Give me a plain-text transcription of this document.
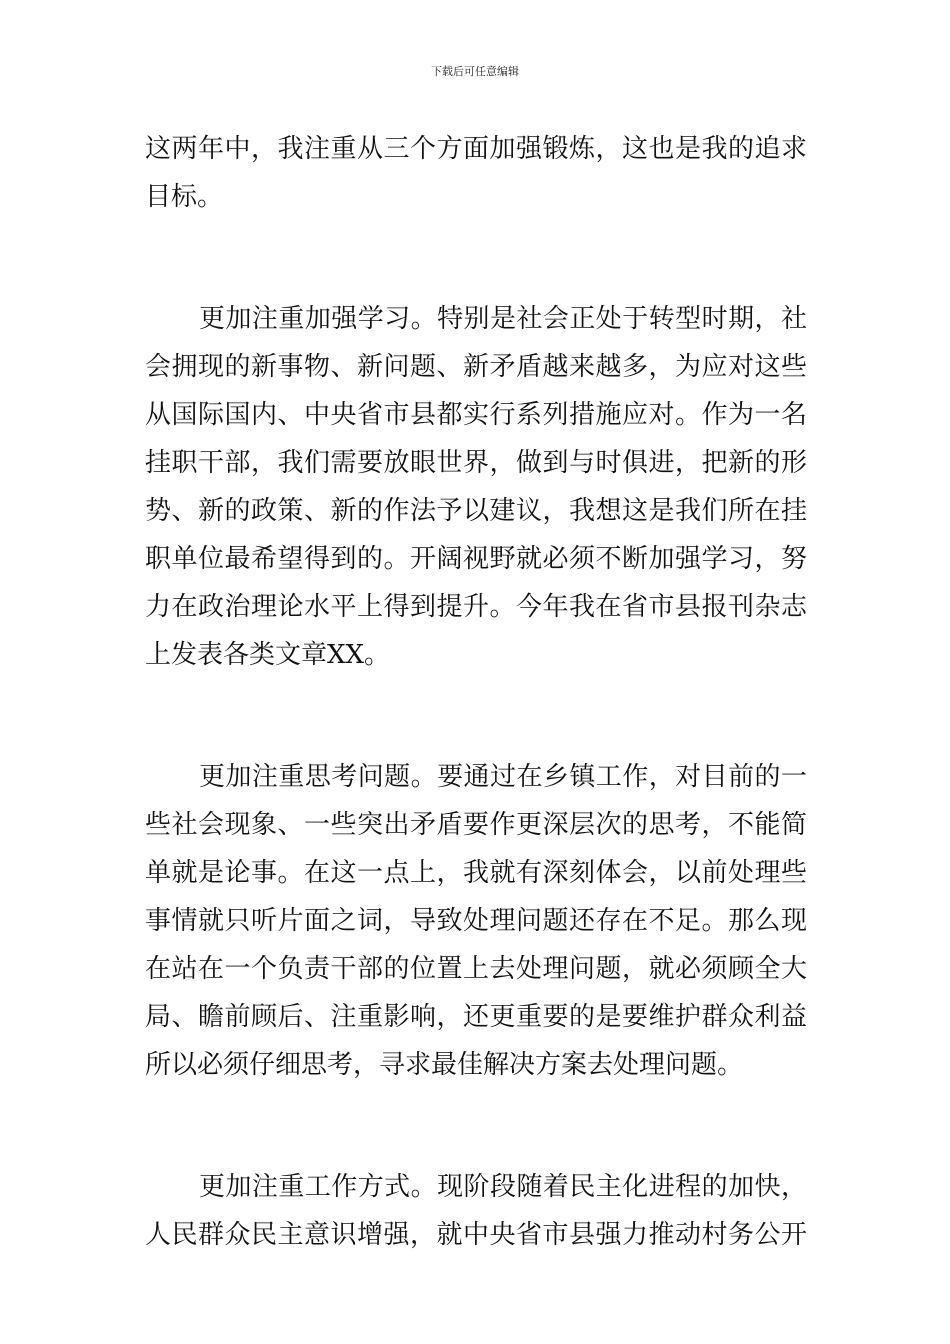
下载后可任意编辑
这两年中，我注重从三个方面加强锻炼，这也是我的追求
目标。
更加注重加强学习。特别是社会正处于转型时期，社
会拥现的新事物、新问题、新矛盾越来越多，为应对这些
从国际国内、中央省市县都实行系列措施应对。作为一名
挂职干部，我们需要放眼世界，做到与时俱进，把新的形
势、新的政策、新的作法予以建议，我想这是我们所在挂
职单位最希望得到的。开阔视野就必须不断加强学习，努
力在政治理论水平上得到提升。今年我在省市县报刊杂志
上发表各类文章XX。
更加注重思考问题。要通过在乡镇工作，对目前的一
些社会现象、一些突出矛盾要作更深层次的思考，不能简
单就是论事。在这一点上，我就有深刻体会，以前处理些
事情就只听片面之词，导致处理问题还存在不足。那么现
在站在一个负责干部的位置上去处理问题，就必须顾全大
局、瞻前顾后、注重影响，还更重要的是要维护群众利益
所以必须仔细思考，寻求最佳解决方案去处理问题。
更加注重工作方式。现阶段随着民主化进程的加快，
人民群众民主意识增强，就中央省市县强力推动村务公开
